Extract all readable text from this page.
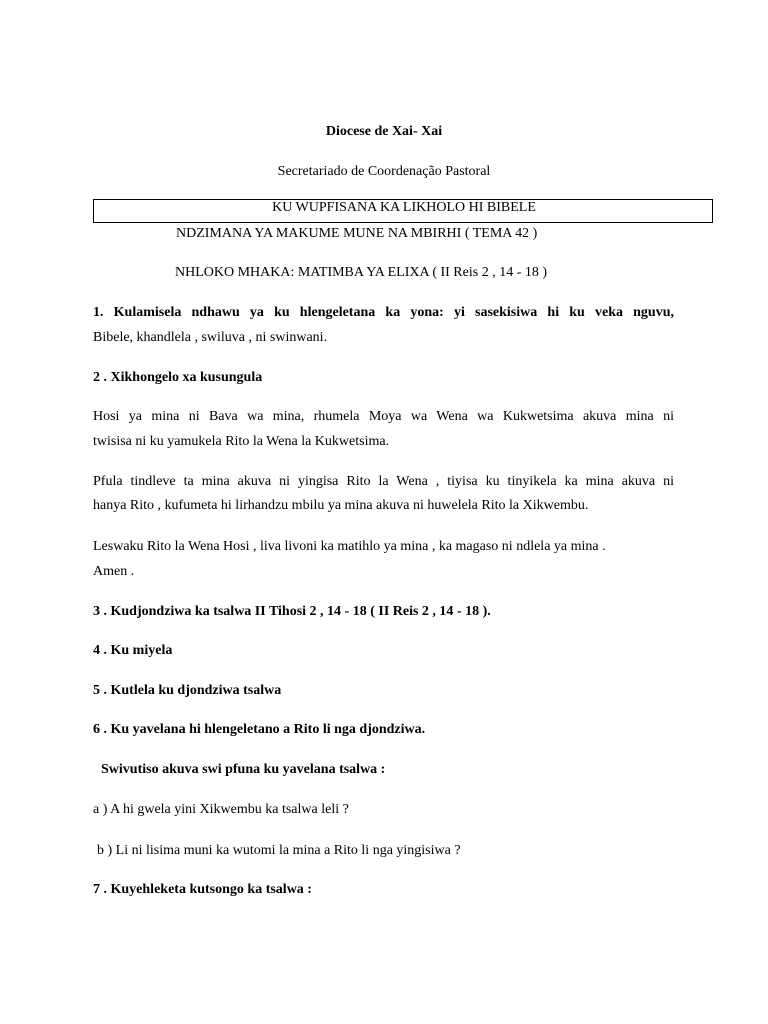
Diocese de Xai- Xai
Secretariado de Coordenação Pastoral
KU WUPFISANA KA LIKHOLO HI BIBELE
NDZIMANA YA MAKUME MUNE NA MBIRHI ( TEMA 42 )
NHLOKO MHAKA: MATIMBA YA ELIXA ( II Reis 2 , 14 - 18 )
1. Kulamisela ndhawu ya ku hlengeletana ka yona: yi sasekisiwa hi ku veka nguvu,
Bibele, khandlela , swiluva , ni swinwani.
2 . Xikhongelo xa kusungula
Hosi ya mina ni Bava wa mina, rhumela Moya wa Wena wa Kukwetsima akuva mina ni
twisisa ni ku yamukela Rito la Wena la Kukwetsima.
Pfula tindleve ta mina akuva ni yingisa Rito la Wena , tiyisa ku tinyikela ka mina akuva ni
hanya Rito , kufumeta hi lirhandzu mbilu ya mina akuva ni huwelela Rito la Xikwembu.
Leswaku Rito la Wena Hosi , liva livoni ka matihlo ya mina , ka magaso ni ndlela ya mina .
Amen .
3 . Kudjondziwa ka tsalwa II Tihosi 2 , 14 - 18 ( II Reis 2 , 14 - 18 ).
4 . Ku miyela
5 . Kutlela ku djondziwa tsalwa
6 . Ku yavelana hi hlengeletano a Rito li nga djondziwa.
Swivutiso akuva swi pfuna ku yavelana tsalwa :
a ) A hi gwela yini Xikwembu ka tsalwa leli ?
b ) Li ni lisima muni ka wutomi la mina a Rito li nga yingisiwa ?
7 . Kuyehleketa kutsongo ka tsalwa :
